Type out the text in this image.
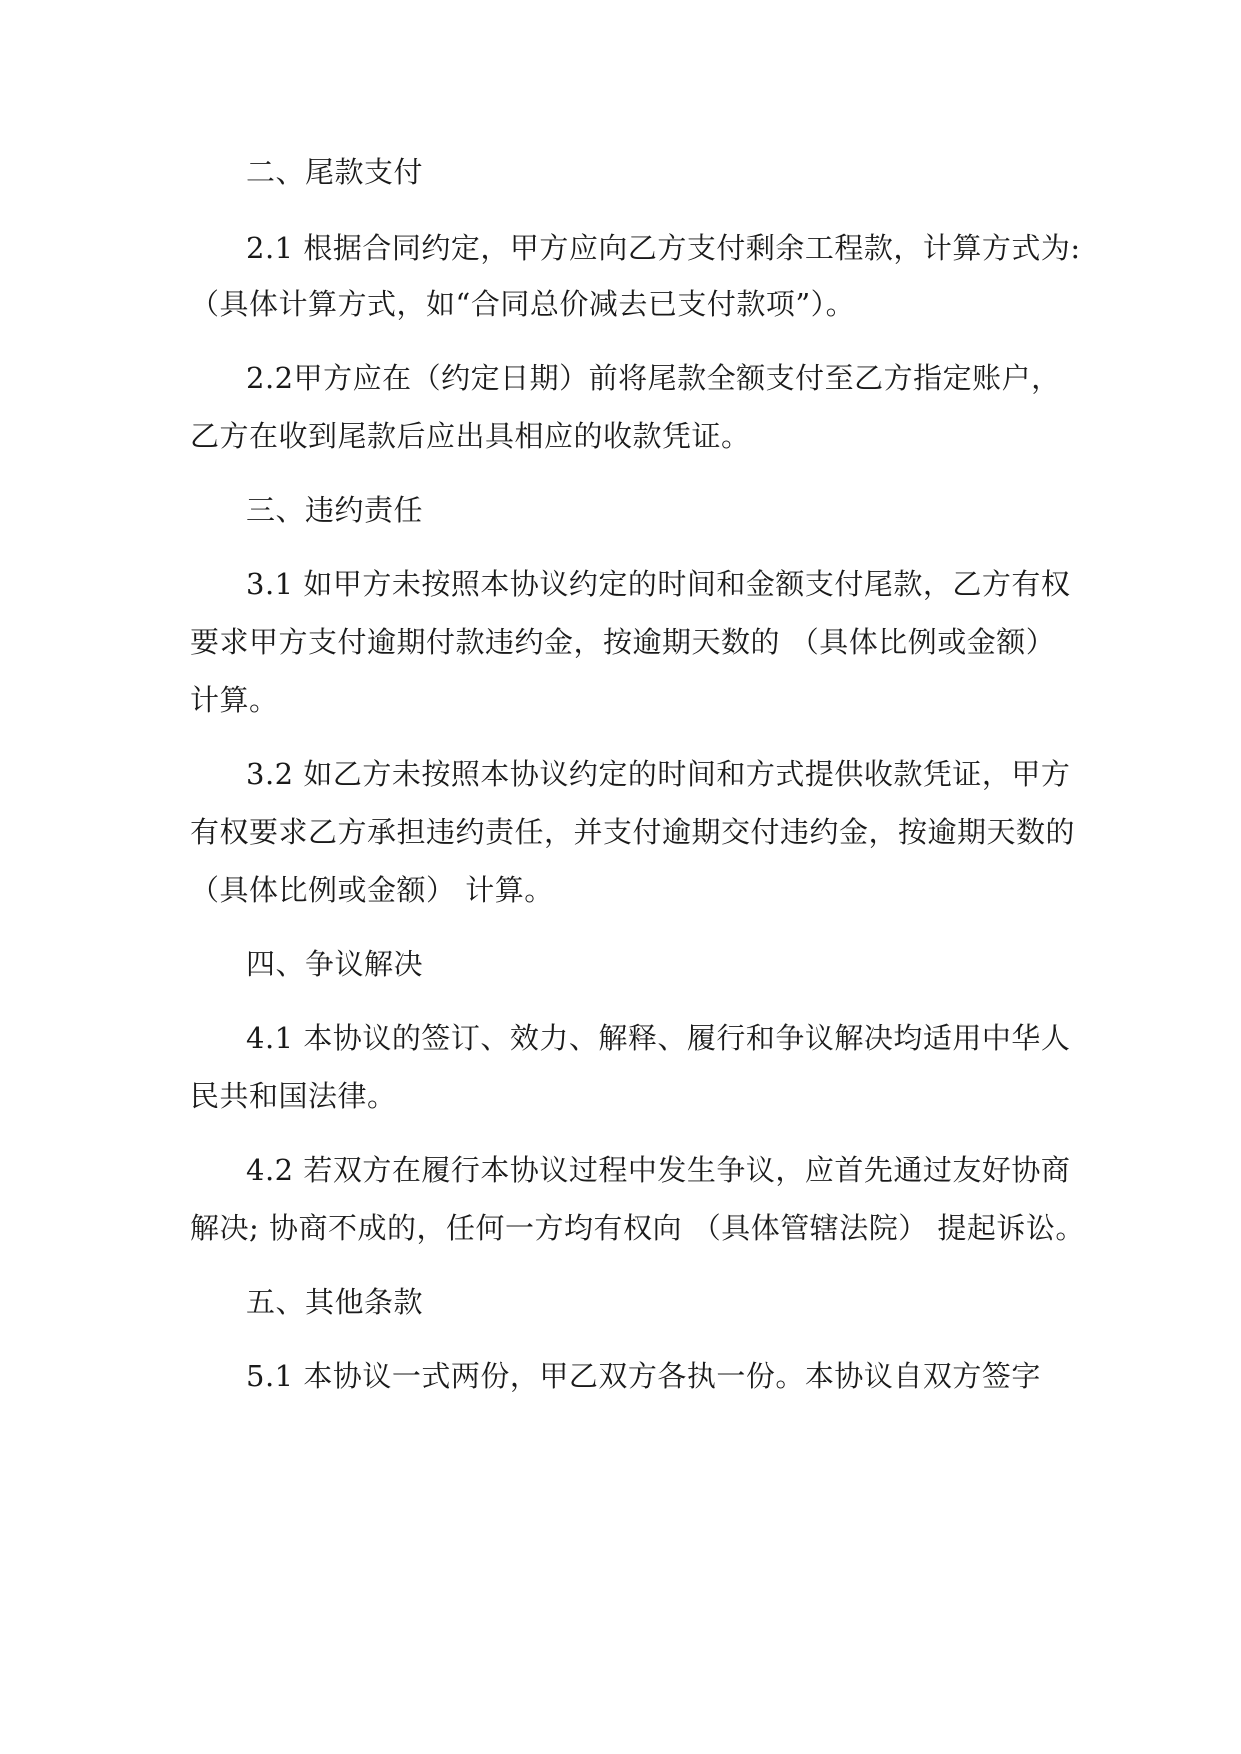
二、尾款支付
2.1 根据合同约定，甲方应向乙方支付剩余工程款，计算方式为:
（具体计算方式，如“合同总价减去已支付款项”）。
2.2甲方应在（约定日期）前将尾款全额支付至乙方指定账户，
乙方在收到尾款后应出具相应的收款凭证。
三、违约责任
3.1 如甲方未按照本协议约定的时间和金额支付尾款，乙方有权
要求甲方支付逾期付款违约金，按逾期天数的 （具体比例或金额）
计算。
3.2 如乙方未按照本协议约定的时间和方式提供收款凭证，甲方
有权要求乙方承担违约责任，并支付逾期交付违约金，按逾期天数的
（具体比例或金额） 计算。
四、争议解决
4.1 本协议的签订、效力、解释、履行和争议解决均适用中华人
民共和国法律。
4.2 若双方在履行本协议过程中发生争议，应首先通过友好协商
解决; 协商不成的，任何一方均有权向 （具体管辖法院） 提起诉讼。
五、其他条款
5.1 本协议一式两份，甲乙双方各执一份。本协议自双方签字
